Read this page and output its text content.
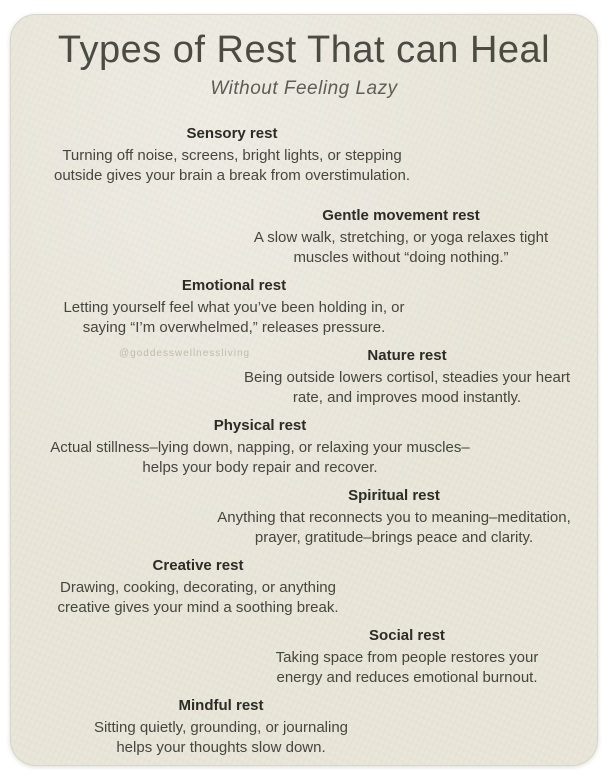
Types of Rest That can Heal
Without Feeling Lazy
@goddesswellnessliving
Sensory rest
Turning off noise, screens, bright lights, or stepping
outside gives your brain a break from overstimulation.
Gentle movement rest
A slow walk, stretching, or yoga relaxes tight
muscles without “doing nothing.”
Emotional rest
Letting yourself feel what you’ve been holding in, or
saying “I’m overwhelmed,” releases pressure.
Nature rest
Being outside lowers cortisol, steadies your heart
rate, and improves mood instantly.
Physical rest
Actual stillness–lying down, napping, or relaxing your muscles–
helps your body repair and recover.
Spiritual rest
Anything that reconnects you to meaning–meditation,
prayer, gratitude–brings peace and clarity.
Creative rest
Drawing, cooking, decorating, or anything
creative gives your mind a soothing break.
Social rest
Taking space from people restores your
energy and reduces emotional burnout.
Mindful rest
Sitting quietly, grounding, or journaling
helps your thoughts slow down.
